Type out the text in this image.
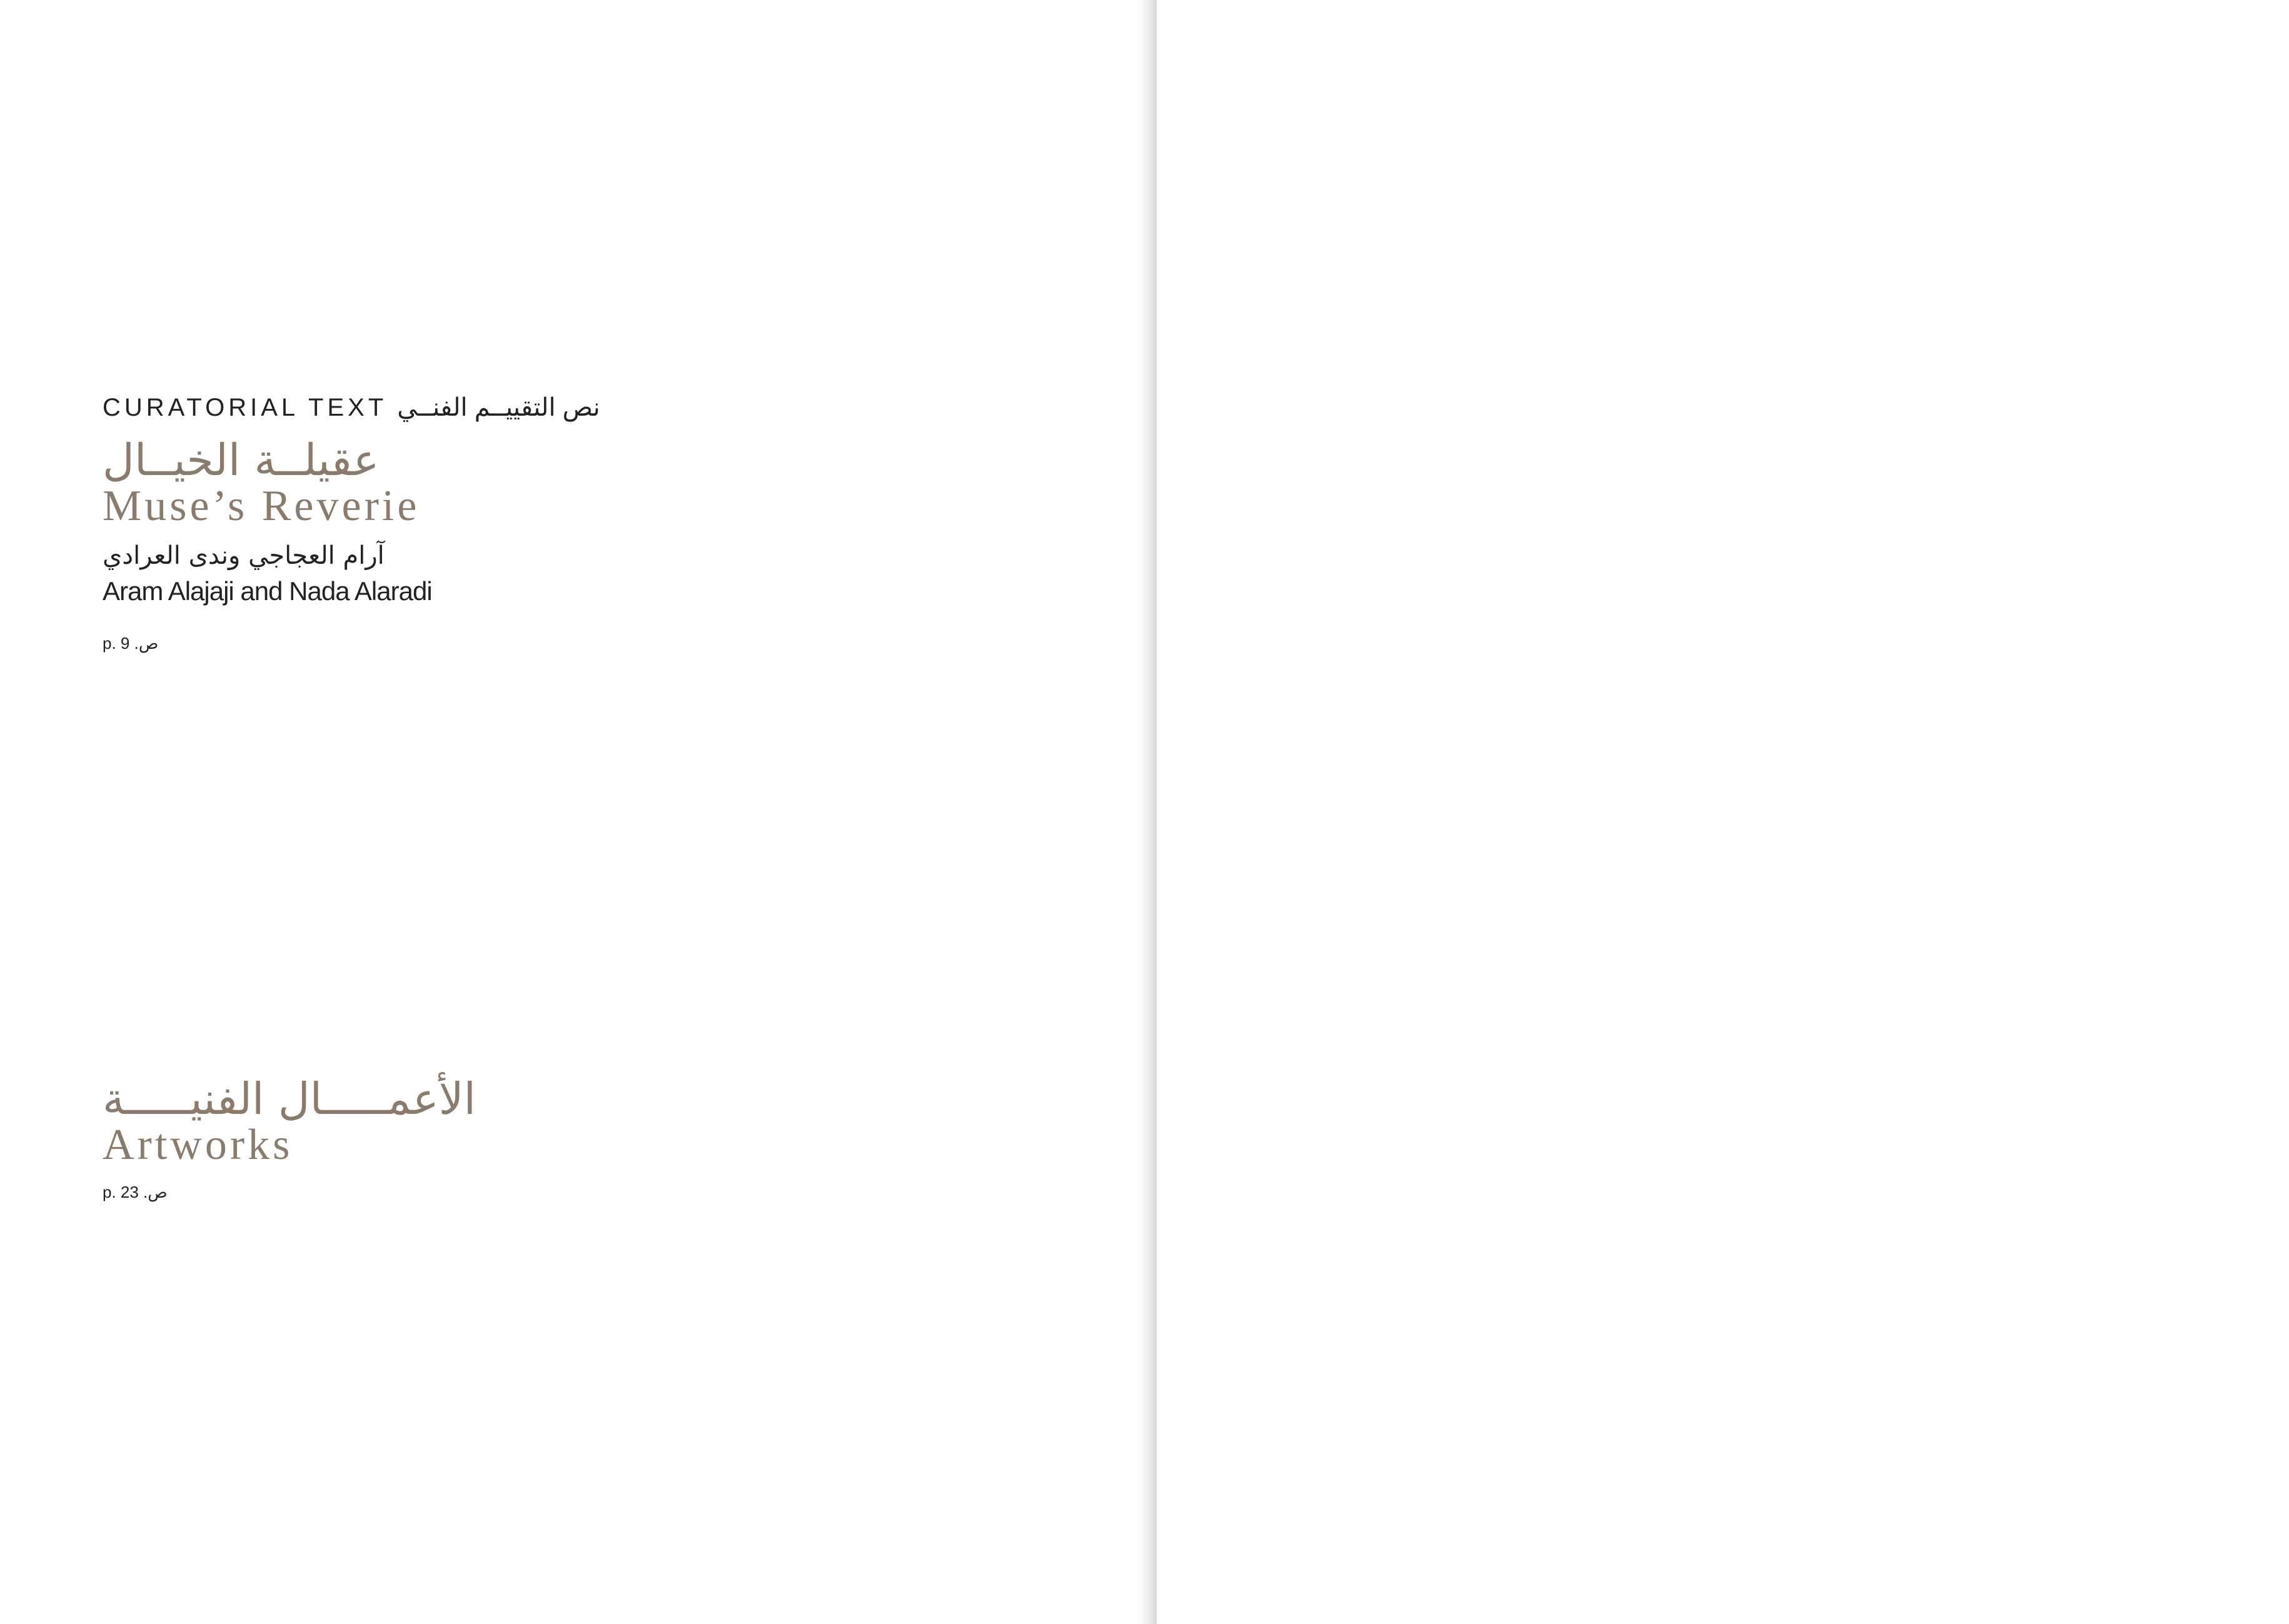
CURATORIAL TEXT نص التقييــم الفنــي

عقيلــة الخيــال

Muse’s Reverie

آرام العجاجي وندى العرادي

Aram Alajaji and Nada Alaradi

p. 9 .ص

الأعمـــــال الفنيـــــة

Artworks

p. 23 .ص
